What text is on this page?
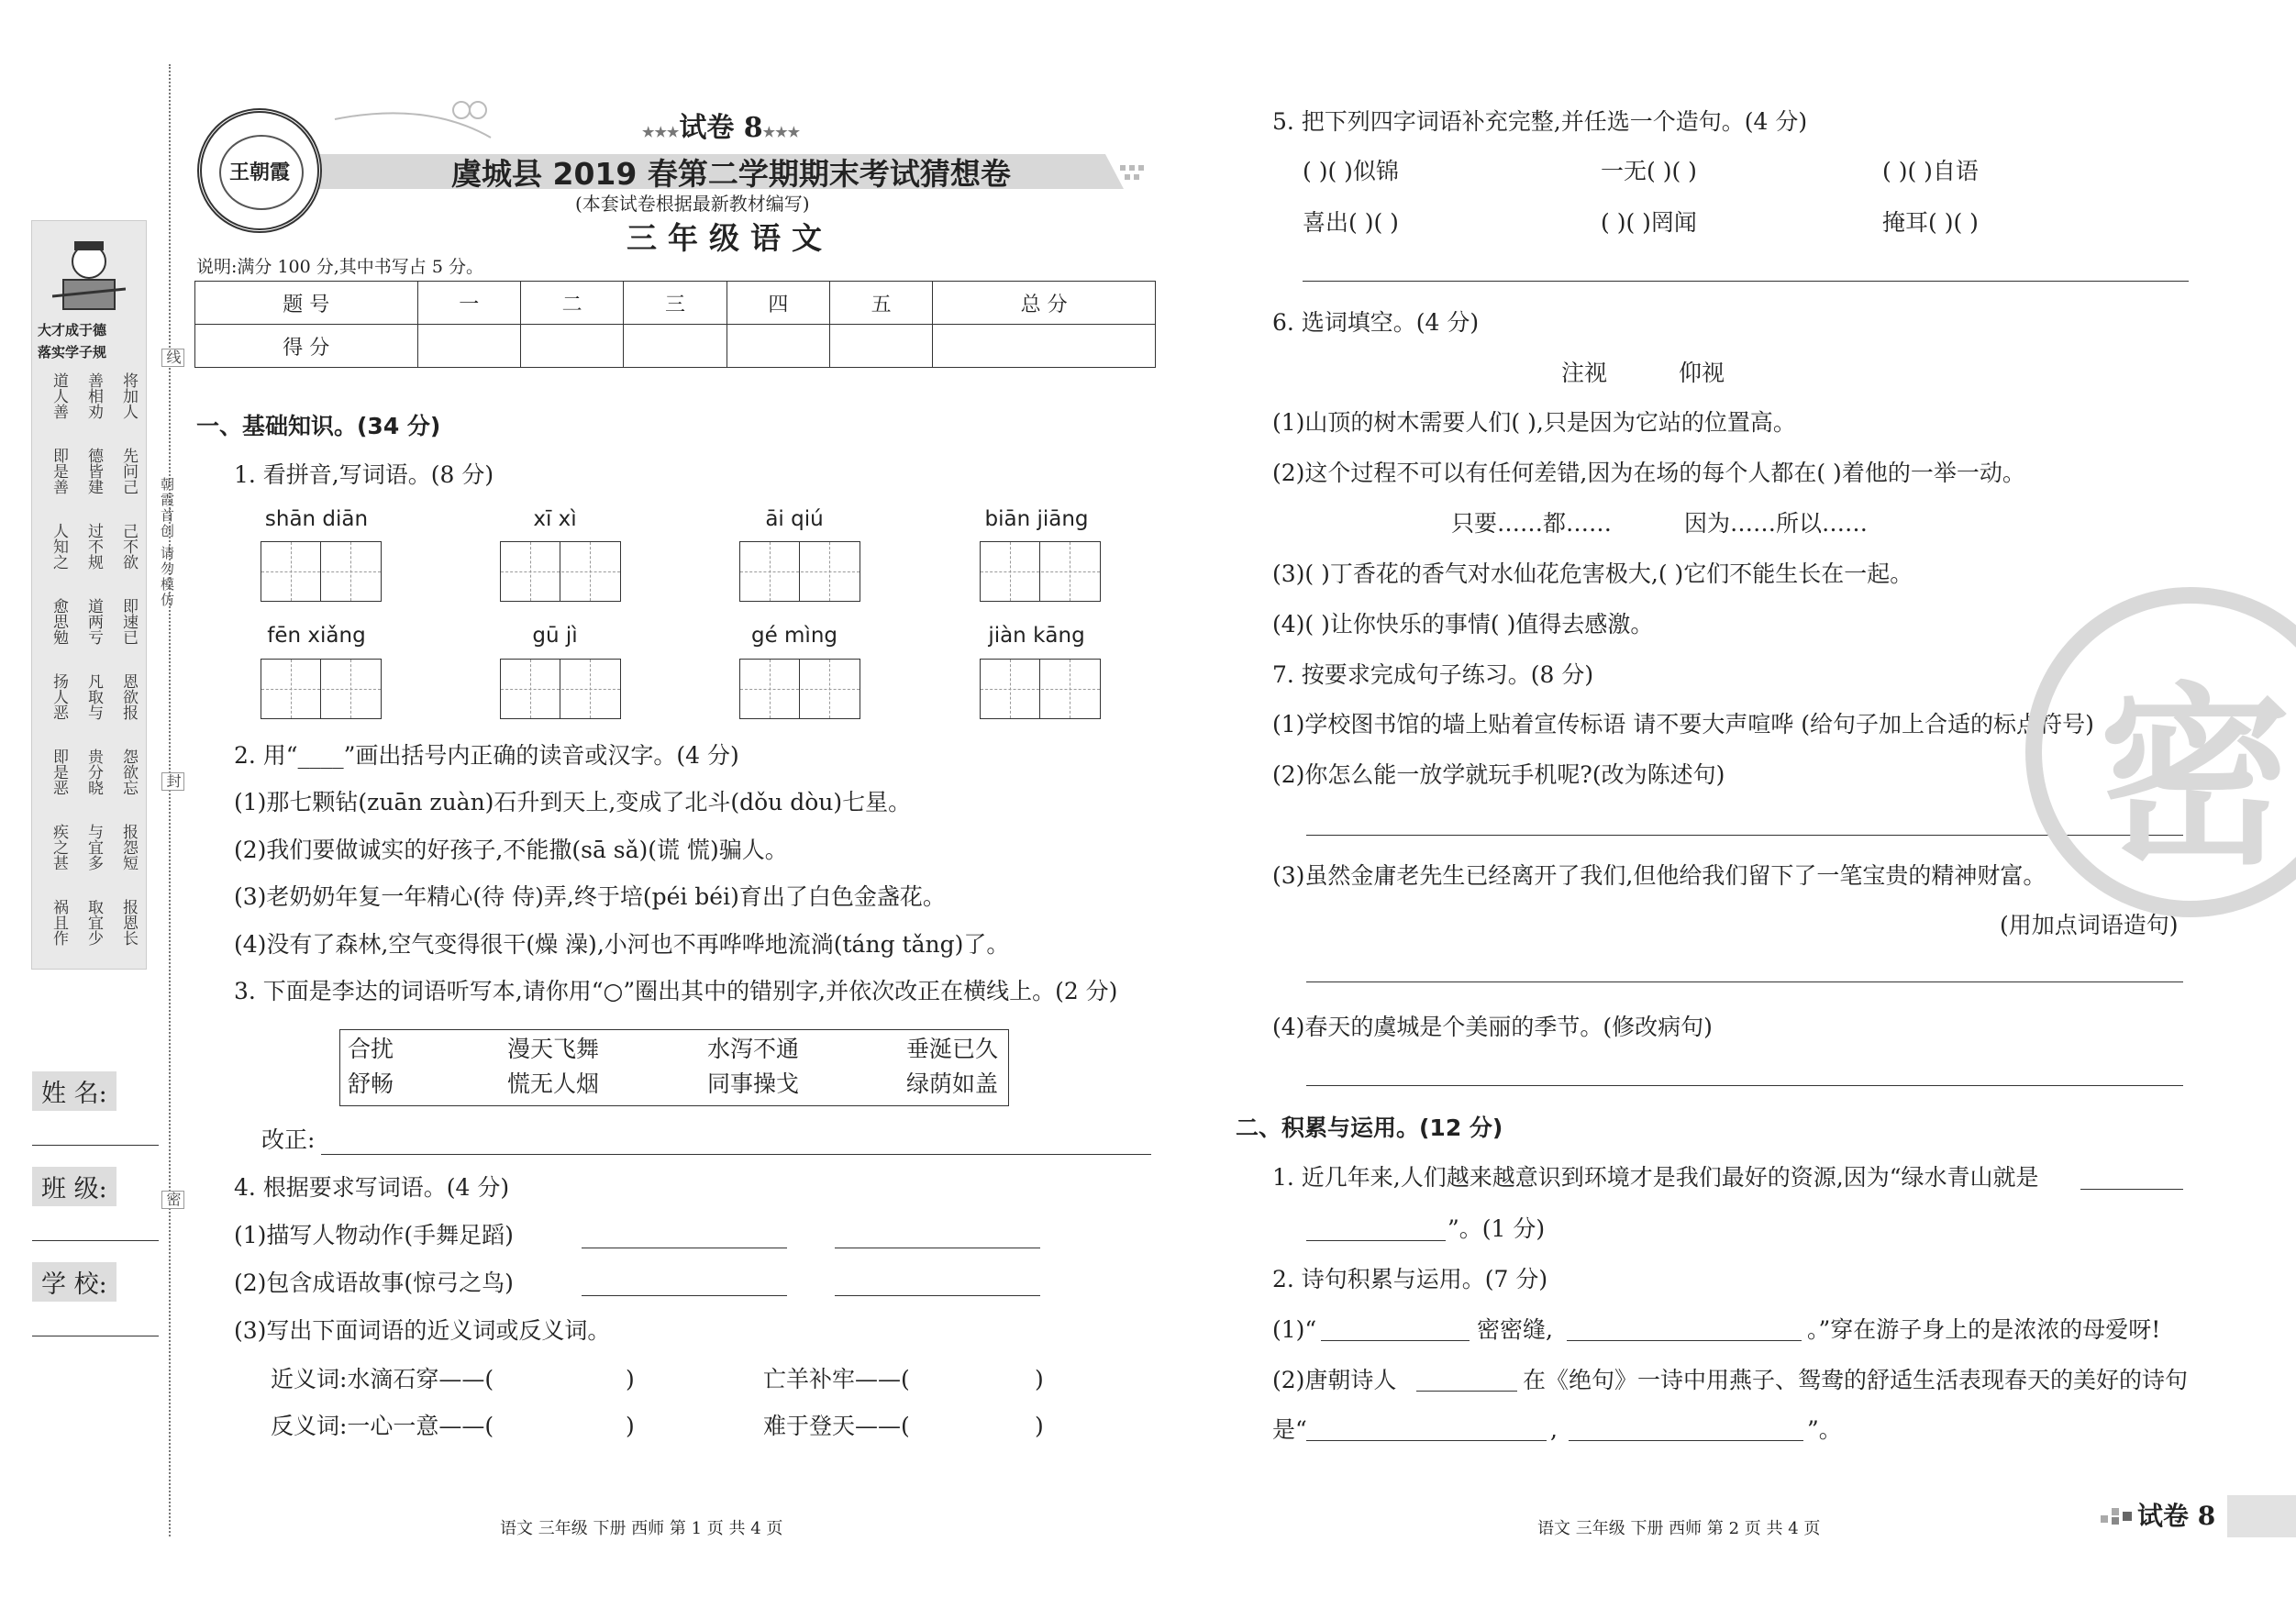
线
封
密
朝霞首创 请勿模仿
大才成于德
落实学子规
将加人
善相劝
道人善
先问己
德皆建
即是善
己不欲
过不规
人知之
即速已
道两亏
愈思勉
恩欲报
凡取与
扬人恶
怨欲忘
贵分晓
即是恶
报怨短
与宜多
疾之甚
报恩长
取宜少
祸且作
姓 名:
班 级:
学 校:
王朝霞
★★★试卷 8★★★
虞城县 2019 春第二学期期末考试猜想卷
(本套试卷根据最新教材编写)
三年级语文
说明:满分 100 分,其中书写占 5 分。
题 号	一	二	三	四	五	总 分
得 分						
一、基础知识。(34 分)
1. 看拼音,写词语。(8 分)
shān diān	xī xì	āi qiú	biān jiāng
fēn xiǎng	gū jì	gé mìng	jiàn kāng
2. 用“____”画出括号内正确的读音或汉字。(4 分)
(1)那七颗钻(zuān zuàn)石升到天上,变成了北斗(dǒu dòu)七星。
(2)我们要做诚实的好孩子,不能撒(sā sǎ)(谎 慌)骗人。
(3)老奶奶年复一年精心(待 侍)弄,终于培(péi béi)育出了白色金盏花。
(4)没有了森林,空气变得很干(燥 澡),小河也不再哗哗地流淌(táng tǎng)了。
3. 下面是李达的词语听写本,请你用“○”圈出其中的错别字,并依次改正在横线上。(2 分)
合扰	漫天飞舞	水泻不通	垂涎已久
舒畅	慌无人烟	同事操戈	绿荫如盖
改正:
4. 根据要求写词语。(4 分)
(1)描写人物动作(手舞足蹈)
(2)包含成语故事(惊弓之鸟)
(3)写出下面词语的近义词或反义词。
近义词:水滴石穿——(	)	亡羊补牢——(	)
反义词:一心一意——(	)	难于登天——(	)
语文 三年级 下册 西师 第 1 页 共 4 页
5. 把下列四字词语补充完整,并任选一个造句。(4 分)
( )( )似锦	一无( )( )	( )( )自语
喜出( )( )	( )( )罔闻	掩耳( )( )
6. 选词填空。(4 分)
注视	仰视
(1)山顶的树木需要人们( ),只是因为它站的位置高。
(2)这个过程不可以有任何差错,因为在场的每个人都在( )着他的一举一动。
只要……都……	因为……所以……
(3)( )丁香花的香气对水仙花危害极大,( )它们不能生长在一起。
(4)( )让你快乐的事情( )值得去感激。
7. 按要求完成句子练习。(8 分)
(1)学校图书馆的墙上贴着宣传标语 请不要大声喧哗 (给句子加上合适的标点符号)
(2)你怎么能一放学就玩手机呢?(改为陈述句)
(3)虽然金庸老先生已经离开了我们,但他给我们留下了一笔宝贵的精神财富。
(用加点词语造句)
(4)春天的虞城是个美丽的季节。(修改病句)
二、积累与运用。(12 分)
1. 近几年来,人们越来越意识到环境才是我们最好的资源,因为“绿水青山就是
”。(1 分)
2. 诗句积累与运用。(7 分)
(1)“	密密缝,	。”穿在游子身上的是浓浓的母爱呀!
(2)唐朝诗人	在《绝句》一诗中用燕子、鸳鸯的舒适生活表现春天的美好的诗句
是“	,	”。
密
语文 三年级 下册 西师 第 2 页 共 4 页	试卷 8
